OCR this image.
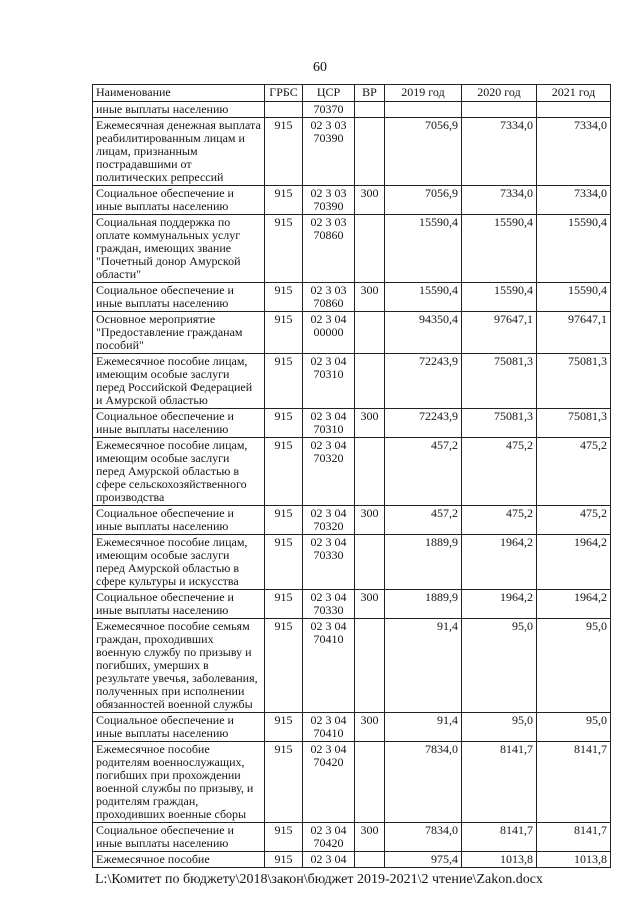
60
Наименование	ГРБС	ЦСР	ВР	2019 год	2020 год	2021 год
иные выплаты населению		70370				
Ежемесячная денежная выплата реабилитированным лицам и лицам, признанным пострадавшими от политических репрессий	915	02 3 03 70390		7056,9	7334,0	7334,0
Социальное обеспечение и иные выплаты населению	915	02 3 03 70390	300	7056,9	7334,0	7334,0
Социальная поддержка по оплате коммунальных услуг граждан, имеющих звание "Почетный донор Амурской области"	915	02 3 03 70860		15590,4	15590,4	15590,4
Социальное обеспечение и иные выплаты населению	915	02 3 03 70860	300	15590,4	15590,4	15590,4
Основное мероприятие "Предоставление гражданам пособий"	915	02 3 04 00000		94350,4	97647,1	97647,1
Ежемесячное пособие лицам, имеющим особые заслуги перед Российской Федерацией и Амурской областью	915	02 3 04 70310		72243,9	75081,3	75081,3
Социальное обеспечение и иные выплаты населению	915	02 3 04 70310	300	72243,9	75081,3	75081,3
Ежемесячное пособие лицам, имеющим особые заслуги перед Амурской областью в сфере сельскохозяйственного производства	915	02 3 04 70320		457,2	475,2	475,2
Социальное обеспечение и иные выплаты населению	915	02 3 04 70320	300	457,2	475,2	475,2
Ежемесячное пособие лицам, имеющим особые заслуги перед Амурской областью в сфере культуры и искусства	915	02 3 04 70330		1889,9	1964,2	1964,2
Социальное обеспечение и иные выплаты населению	915	02 3 04 70330	300	1889,9	1964,2	1964,2
Ежемесячное пособие семьям граждан, проходивших военную службу по призыву и погибших, умерших в результате увечья, заболевания, полученных при исполнении обязанностей военной службы	915	02 3 04 70410		91,4	95,0	95,0
Социальное обеспечение и иные выплаты населению	915	02 3 04 70410	300	91,4	95,0	95,0
Ежемесячное пособие родителям военнослужащих, погибших при прохождении военной службы по призыву, и родителям граждан, проходивших военные сборы	915	02 3 04 70420		7834,0	8141,7	8141,7
Социальное обеспечение и иные выплаты населению	915	02 3 04 70420	300	7834,0	8141,7	8141,7
Ежемесячное пособие	915	02 3 04		975,4	1013,8	1013,8
L:\Комитет по бюджету\2018\закон\бюджет 2019-2021\2 чтение\Zakon.docx
